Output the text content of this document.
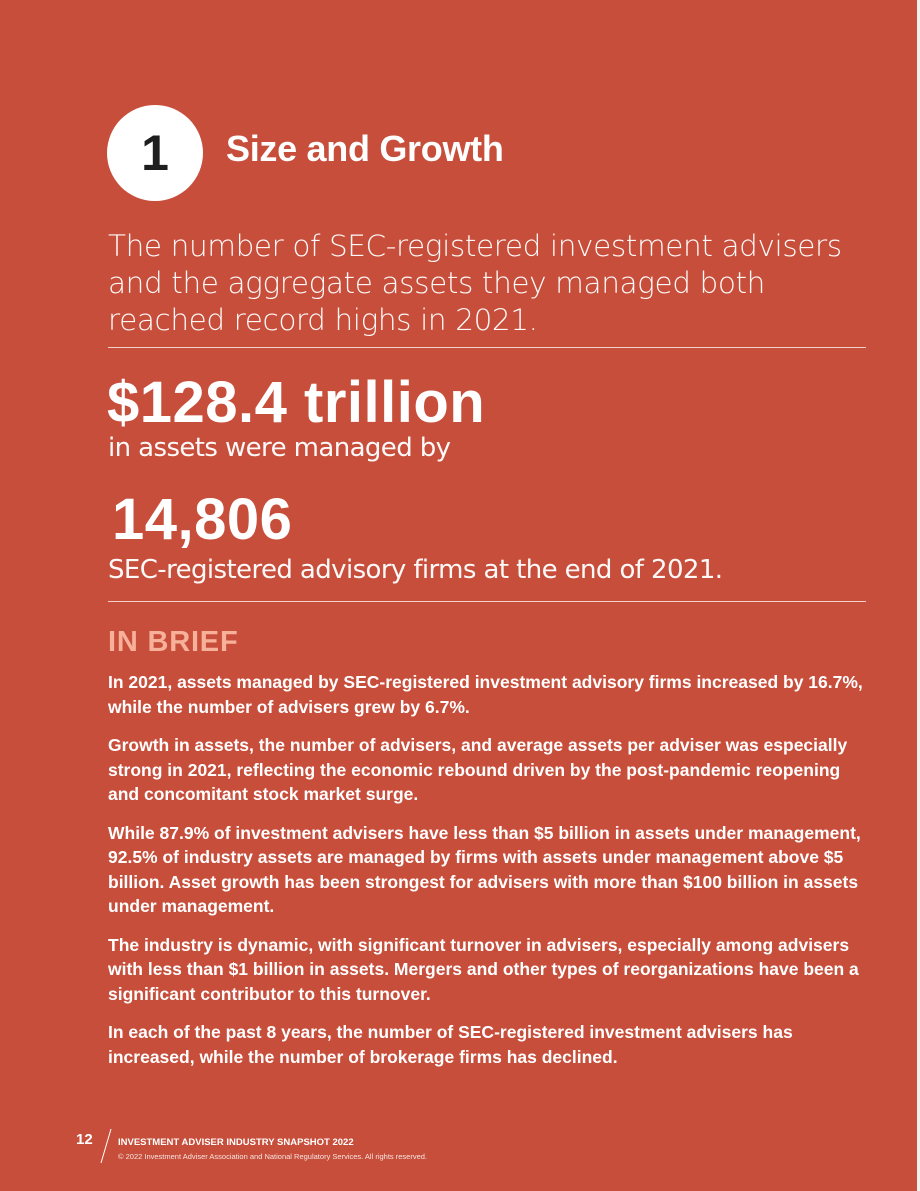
1 Size and Growth
The number of SEC-registered investment advisers and the aggregate assets they managed both reached record highs in 2021.
$128.4 trillion
in assets were managed by
14,806
SEC-registered advisory firms at the end of 2021.
IN BRIEF

In 2021, assets managed by SEC-registered investment advisory firms increased by 16.7%, while the number of advisers grew by 6.7%.

Growth in assets, the number of advisers, and average assets per adviser was especially strong in 2021, reflecting the economic rebound driven by the post-pandemic reopening and concomitant stock market surge.

While 87.9% of investment advisers have less than $5 billion in assets under management, 92.5% of industry assets are managed by firms with assets under management above $5 billion. Asset growth has been strongest for advisers with more than $100 billion in assets under management.

The industry is dynamic, with significant turnover in advisers, especially among advisers with less than $1 billion in assets. Mergers and other types of reorganizations have been a significant contributor to this turnover.

In each of the past 8 years, the number of SEC-registered investment advisers has increased, while the number of brokerage firms has declined.

12	INVESTMENT ADVISER INDUSTRY SNAPSHOT 2022
© 2022 Investment Adviser Association and National Regulatory Services. All rights reserved.
